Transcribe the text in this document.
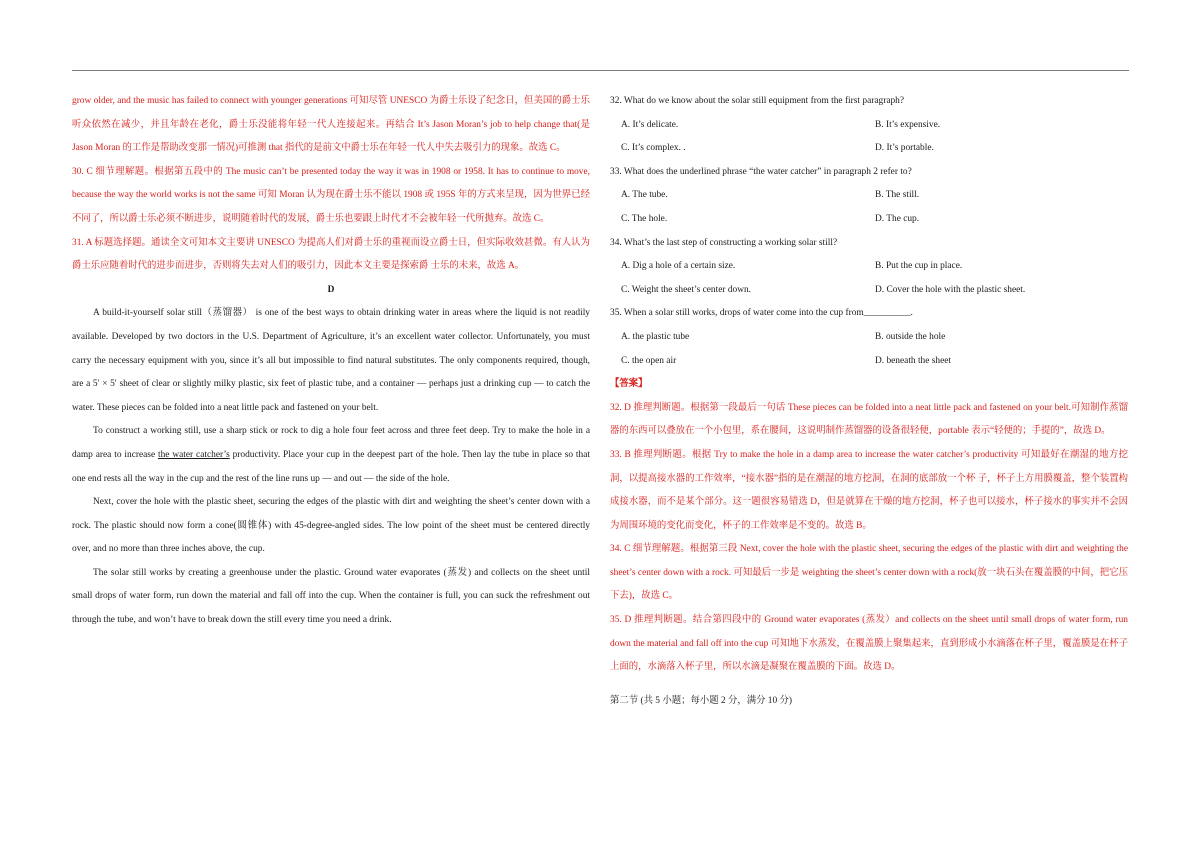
grow older, and the music has failed to connect with younger generations 可知尽管 UNESCO 为爵士乐设了纪念日，但美国的爵士乐听众依然在减少，并且年龄在老化，爵士乐没能将年轻一代人连接起来。再结合 It’s Jason Moran’s job to help change that(是 Jason Moran 的工作是帮助改变那一情况)可推测 that 指代的是前文中爵士乐在年轻一代人中失去吸引力的现象。故选 C。

30. C 细节理解题。根据第五段中的 The music can’t be presented today the way it was in 1908 or 1958. It has to continue to move, because the way the world works is not the same 可知 Moran 认为现在爵士乐不能以 1908 或 195S 年的方式来呈现，因为世界已经不同了，所以爵士乐必须不断进步，说明随着时代的发展，爵士乐也要跟上时代才不会被年轻一代所抛弃。故选 C。

31. A 标题选择题。通读全文可知本文主要讲 UNESCO 为提高人们对爵士乐的重视而设立爵士日，但实际收效甚微。有人认为爵士乐应随着时代的进步而进步，否则将失去对人们的吸引力，因此本文主要是探索爵 士乐的未来，故选 A。

D

A build-it-yourself solar still（蒸馏器） is one of the best ways to obtain drinking water in areas where the liquid is not readily available. Developed by two doctors in the U.S. Department of Agriculture, it’s an excellent water collector. Unfortunately, you must carry the necessary equipment with you, since it’s all but impossible to find natural substitutes. The only components required, though, are a 5′ × 5′ sheet of clear or slightly milky plastic, six feet of plastic tube, and a container — perhaps just a drinking cup — to catch the water. These pieces can be folded into a neat little pack and fastened on your belt.

To construct a working still, use a sharp stick or rock to dig a hole four feet across and three feet deep. Try to make the hole in a damp area to increase the water catcher’s productivity. Place your cup in the deepest part of the hole. Then lay the tube in place so that one end rests all the way in the cup and the rest of the line runs up — and out — the side of the hole.

Next, cover the hole with the plastic sheet, securing the edges of the plastic with dirt and weighting the sheet’s center down with a rock. The plastic should now form a cone(圆锥体) with 45-degree-angled sides. The low point of the sheet must be centered directly over, and no more than three inches above, the cup.

The solar still works by creating a greenhouse under the plastic. Ground water evaporates (蒸发) and collects on the sheet until small drops of water form, run down the material and fall off into the cup. When the container is full, you can suck the refreshment out through the tube, and won’t have to break down the still every time you need a drink.

32. What do we know about the solar still equipment from the first paragraph?

A. It’s delicate.	B. It’s expensive.
C. It’s complex. .	D. It’s portable.

33. What does the underlined phrase “the water catcher” in paragraph 2 refer to?

A. The tube.	B. The still.
C. The hole.	D. The cup.

34. What’s the last step of constructing a working solar still?

A. Dig a hole of a certain size.	B. Put the cup in place.
C. Weight the sheet’s center down.	D. Cover the hole with the plastic sheet.

35. When a solar still works, drops of water come into the cup from__________.

A. the plastic tube	B. outside the hole
C. the open air	D. beneath the sheet

【答案】

32. D 推理判断题。根据第一段最后一句话 These pieces can be folded into a neat little pack and fastened on your belt.可知制作蒸馏器的东西可以叠放在一个小包里，系在腰间，这说明制作蒸馏器的设备很轻便，portable 表示“轻便的；手提的”，故选 D。

33. B 推理判断题。根据 Try to make the hole in a damp area to increase the water catcher’s productivity 可知最好在潮湿的地方挖洞，以提高接水器的工作效率，“接水器”指的是在潮湿的地方挖洞，在洞的底部放一个杯 子，杯子上方用膜覆盖，整个装置构成接水器，而不是某个部分。这一题很容易错选 D，但是就算在干燥的地方挖洞，杯子也可以接水，杯子接水的事实并不会因为周围环境的变化而变化，杯子的工作效率是不变的。故选 B。

34. C 细节理解题。根据第三段 Next, cover the hole with the plastic sheet, securing the edges of the plastic with dirt and weighting the sheet’s center down with a rock. 可知最后一步是 weighting the sheet’s center down with a rock(放一块石头在覆盖膜的中间，把它压下去)，故选 C。

35. D 推理判断题。结合第四段中的 Ground water evaporates (蒸发）and collects on the sheet until small drops of water form, run down the material and fall off into the cup 可知地下水蒸发，在覆盖膜上聚集起来，直到形成小水滴落在杯子里，覆盖膜是在杯子上面的，水滴落入杯子里，所以水滴是凝聚在覆盖膜的下面。故选 D。

第二节 (共 5 小题；每小题 2 分，满分 10 分)
